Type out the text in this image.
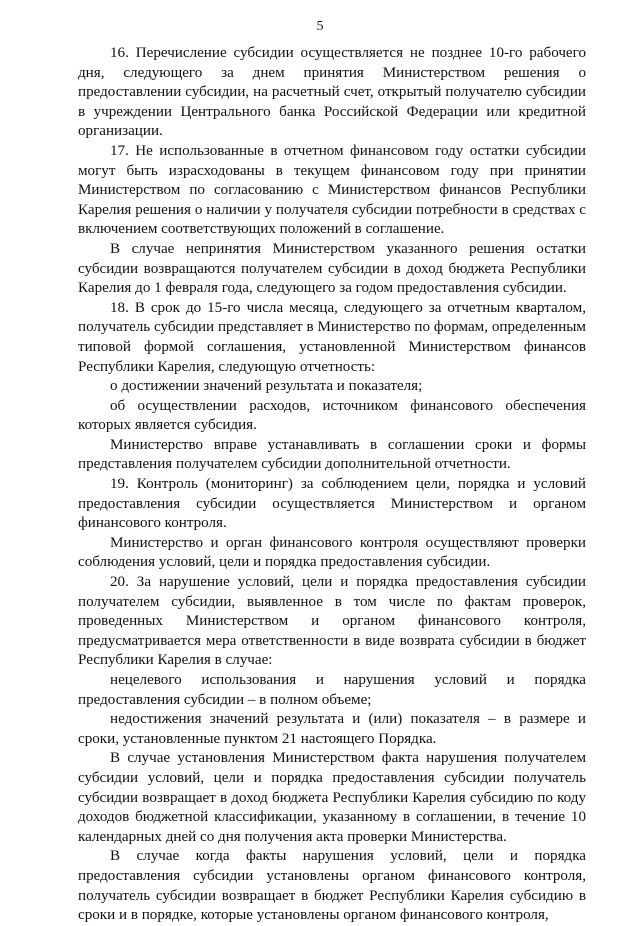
5

16. Перечисление субсидии осуществляется не позднее 10-го рабочего дня, следующего за днем принятия Министерством решения о предоставлении субсидии, на расчетный счет, открытый получателю субсидии в учреждении Центрального банка Российской Федерации или кредитной организации.

17. Не использованные в отчетном финансовом году остатки субсидии могут быть израсходованы в текущем финансовом году при принятии Министерством по согласованию с Министерством финансов Республики Карелия решения о наличии у получателя субсидии потребности в средствах с включением соответствующих положений в соглашение.

В случае непринятия Министерством указанного решения остатки субсидии возвращаются получателем субсидии в доход бюджета Республики Карелия до 1 февраля года, следующего за годом предоставления субсидии.

18. В срок до 15-го числа месяца, следующего за отчетным кварталом, получатель субсидии представляет в Министерство по формам, определенным типовой формой соглашения, установленной Министерством финансов Республики Карелия, следующую отчетность:

о достижении значений результата и показателя;

об осуществлении расходов, источником финансового обеспечения которых является субсидия.

Министерство вправе устанавливать в соглашении сроки и формы представления получателем субсидии дополнительной отчетности.

19. Контроль (мониторинг) за соблюдением цели, порядка и условий предоставления субсидии осуществляется Министерством и органом финансового контроля.

Министерство и орган финансового контроля осуществляют проверки соблюдения условий, цели и порядка предоставления субсидии.

20. За нарушение условий, цели и порядка предоставления субсидии получателем субсидии, выявленное в том числе по фактам проверок, проведенных Министерством и органом финансового контроля, предусматривается мера ответственности в виде возврата субсидии в бюджет Республики Карелия в случае:

нецелевого использования и нарушения условий и порядка предоставления субсидии – в полном объеме;

недостижения значений результата и (или) показателя – в размере и сроки, установленные пунктом 21 настоящего Порядка.

В случае установления Министерством факта нарушения получателем субсидии условий, цели и порядка предоставления субсидии получатель субсидии возвращает в доход бюджета Республики Карелия субсидию по коду доходов бюджетной классификации, указанному в соглашении, в течение 10 календарных дней со дня получения акта проверки Министерства.

В случае когда факты нарушения условий, цели и порядка предоставления субсидии установлены органом финансового контроля, получатель субсидии возвращает в бюджет Республики Карелия субсидию в сроки и в порядке, которые установлены органом финансового контроля,
